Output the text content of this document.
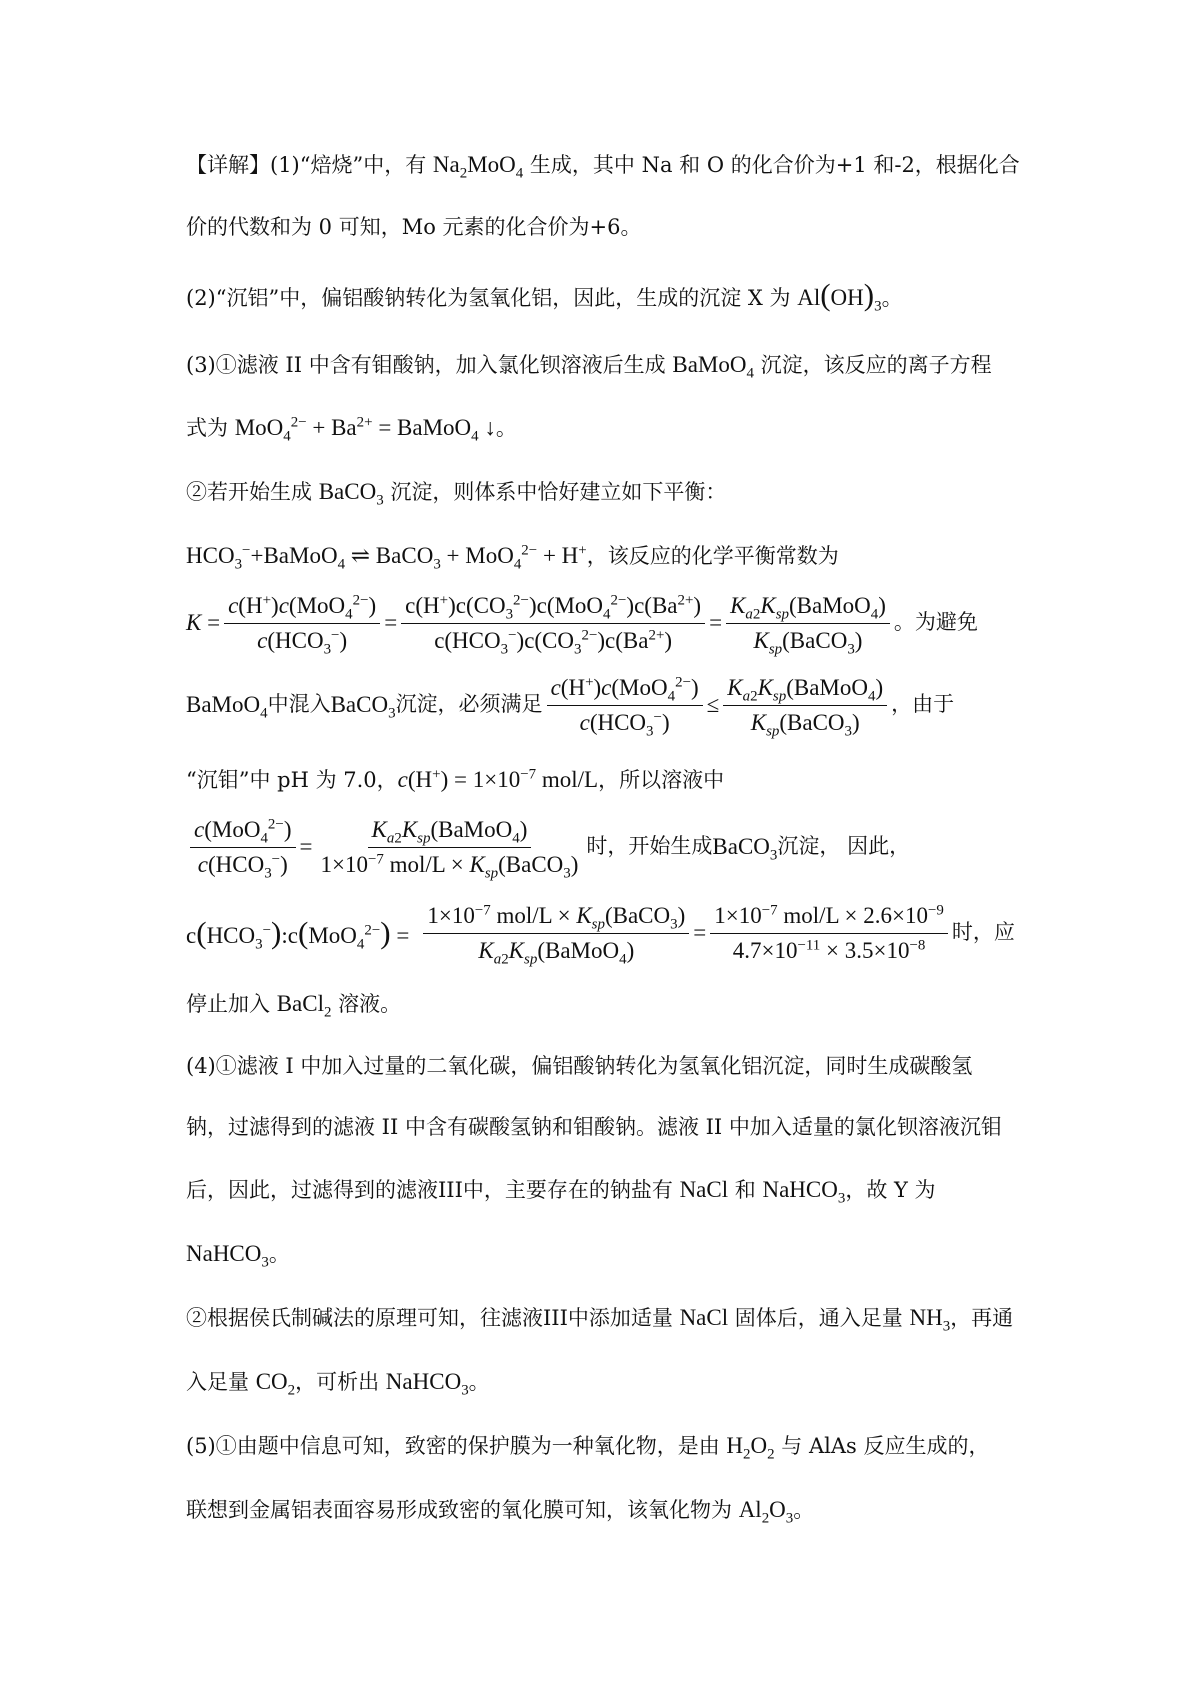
【详解】(1)“焙烧”中，有 $Na_2MoO_4$ 生成，其中 Na 和 O 的化合价为+1 和-2，根据化合
价的代数和为 0 可知，Mo 元素的化合价为+6。
(2)“沉铝”中，偏铝酸钠转化为氢氧化铝，因此，生成的沉淀 X 为 $Al(OH)_3$。
(3)①滤液 II 中含有钼酸钠，加入氯化钡溶液后生成 BaMoO$_4$ 沉淀，该反应的离子方程
式为 $MoO_4^{2-} + Ba^{2+}$ = BaMoO$_4$ ↓。
②若开始生成 BaCO$_3$ 沉淀，则体系中恰好建立如下平衡：
$HCO_3^-+BaMoO_4$ ⇌ BaCO$_3$ + MoO$_4^{2-}$ + H+，该反应的化学平衡常数为
$K = \frac{c(H^+)c(MoO_4^{2-})}{c(HCO_3^-)} = \frac{c(H^+)c(CO_3^{2-})c(MoO_4^{2-})c(Ba^{2+})}{c(HCO_3^-)c(CO_3^{2-})c(Ba^{2+})} = \frac{K_{a2}K_{sp}(BaMoO_4)}{K_{sp}(BaCO_3)}$ 。为避免
BaMoO$_4$ 中混入 BaCO$_3$ 沉淀，必须满足 $\frac{c(H^+)c(MoO_4^{2-})}{c(HCO_3^-)} \le \frac{K_{a2}K_{sp}(BaMoO_4)}{K_{sp}(BaCO_3)}$ ，由于
“沉钼”中 pH 为 7.0，$c(H^+) = 1\times 10^{-7}$ mol/L，所以溶液中
$\frac{c(MoO_4^{2-})}{c(HCO_3^-)} = \frac{K_{a2}K_{sp}(BaMoO_4)}{1\times 10^{-7} mol/L \times K_{sp}(BaCO_3)}$ 时，开始生成 BaCO$_3$ 沉淀， 因此，
$c(HCO_3^-):c(MoO_4^{2-}) = \frac{1\times 10^{-7} mol/L \times K_{sp}(BaCO_3)}{K_{a2}K_{sp}(BaMoO_4)} = \frac{1\times 10^{-7} mol/L \times 2.6\times 10^{-9}}{4.7\times 10^{-11} \times 3.5\times 10^{-8}}$ 时，应
停止加入 BaCl$_2$ 溶液。
(4)①滤液 I 中加入过量的二氧化碳，偏铝酸钠转化为氢氧化铝沉淀，同时生成碳酸氢
钠，过滤得到的滤液 II 中含有碳酸氢钠和钼酸钠。滤液 II 中加入适量的氯化钡溶液沉钼
后，因此，过滤得到的滤液III中，主要存在的钠盐有 NaCl 和 NaHCO$_3$，故 Y 为
NaHCO$_3$。
②根据侯氏制碱法的原理可知，往滤液III中添加适量 NaCl 固体后，通入足量 $NH_3$，再通
入足量 $CO_2$，可析出 NaHCO$_3$。
(5)①由题中信息可知，致密的保护膜为一种氧化物，是由 $H_2O_2$ 与 AlAs 反应生成的，
联想到金属铝表面容易形成致密的氧化膜可知，该氧化物为 $Al_2O_3$。
